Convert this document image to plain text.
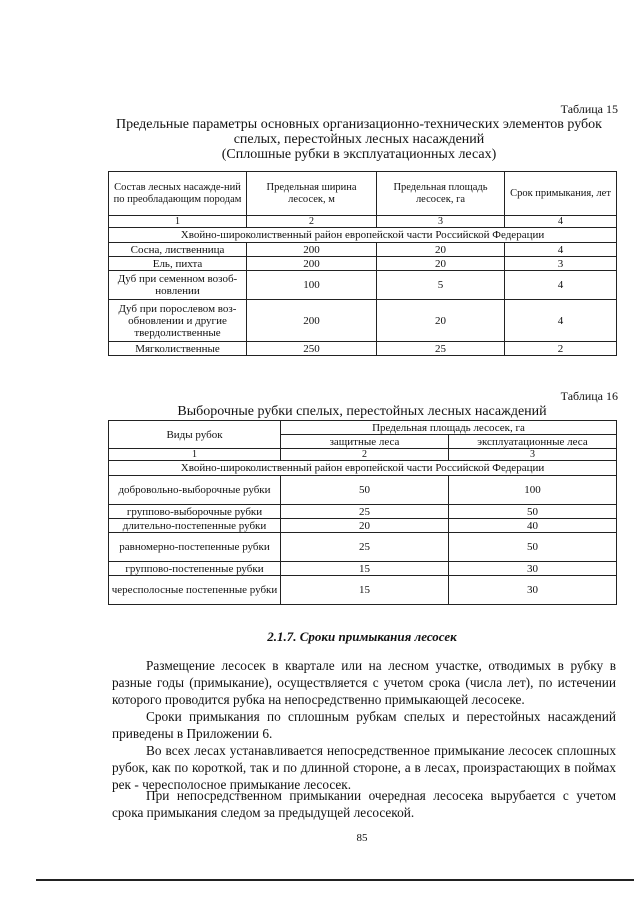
Таблица 15
Предельные параметры основных организационно-технических элементов рубок
спелых, перестойных лесных насаждений
(Сплошные рубки в эксплуатационных лесах)
Состав лесных насажде-ний по преобладающим породам	Предельная ширина лесосек, м	Предельная площадь лесосек, га	Срок примыкания, лет
1	2	3	4
Хвойно-широколиственный район европейской части Российской Федерации			
Сосна, лиственница	200	20	4
Ель, пихта	200	20	3
Дуб при семенном возоб-новлении	100	5	4
Дуб при порослевом воз-обновлении и другие твердолиственные	200	20	4
Мягколиственные	250	25	2
Таблица 16
Выборочные рубки спелых, перестойных лесных насаждений
Виды рубок	Предельная площадь лесосек, га	
	защитные леса	эксплуатационные леса
1	2	3
Хвойно-широколиственный район европейской части Российской Федерации		
добровольно-выборочные рубки	50	100
группово-выборочные рубки	25	50
длительно-постепенные рубки	20	40
равномерно-постепенные рубки	25	50
группово-постепенные рубки	15	30
чересполосные постепенные рубки	15	30
2.1.7. Сроки примыкания лесосек

Размещение лесосек в квартале или на лесном участке, отводимых в рубку в разные годы (примыкание), осуществляется с учетом срока (числа лет), по истечении которого проводится рубка на непосредственно примыкающей лесосеке.

Сроки примыкания по сплошным рубкам спелых и перестойных насаждений приведены в Приложении 6.

Во всех лесах устанавливается непосредственное примыкание лесосек сплошных рубок, как по короткой, так и по длинной стороне, а в лесах, произрастающих в поймах рек - чересполосное примыкание лесосек.

При непосредственном примыкании очередная лесосека вырубается с учетом срока примыкания следом за предыдущей лесосекой.

85
